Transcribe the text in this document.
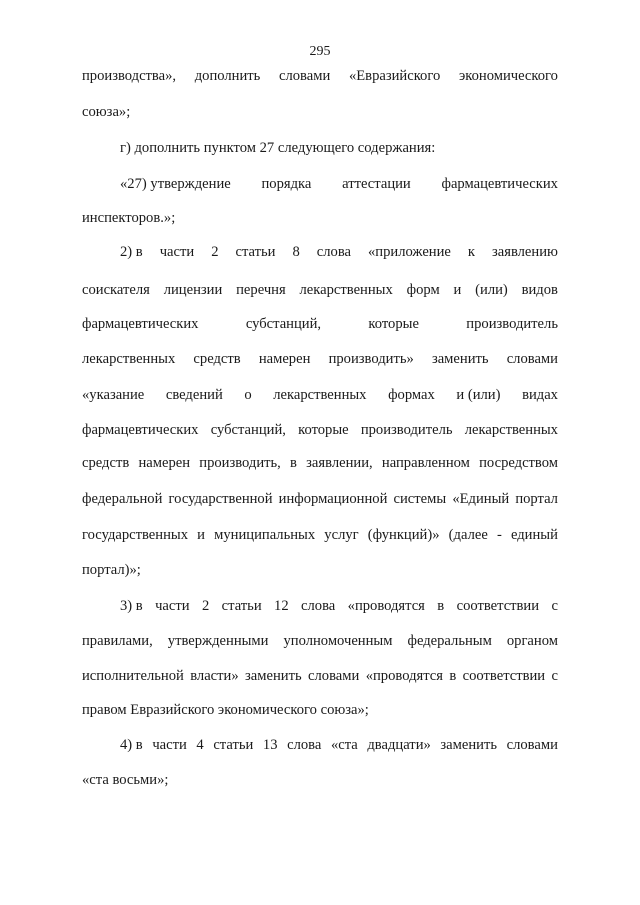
295
производства», дополнить словами «Евразийского экономического
союза»;
г) дополнить пунктом 27 следующего содержания:
«27) утверждение порядка аттестации фармацевтических
инспекторов.»;
2) в части 2 статьи 8 слова «приложение к заявлению
соискателя лицензии перечня лекарственных форм и (или) видов
фармацевтических	субстанций,	которые	производитель
лекарственных средств намерен производить» заменить словами
«указание сведений о лекарственных формах и (или) видах
фармацевтических субстанций, которые производитель лекарственных
средств намерен производить, в заявлении, направленном посредством
федеральной государственной информационной системы «Единый портал
государственных и муниципальных услуг (функций)» (далее - единый
портал)»;
3) в части 2 статьи 12 слова «проводятся в соответствии с
правилами, утвержденными уполномоченным федеральным органом
исполнительной власти» заменить словами «проводятся в соответствии с
правом Евразийского экономического союза»;
4) в части 4 статьи 13 слова «ста двадцати» заменить словами
«ста восьми»;
